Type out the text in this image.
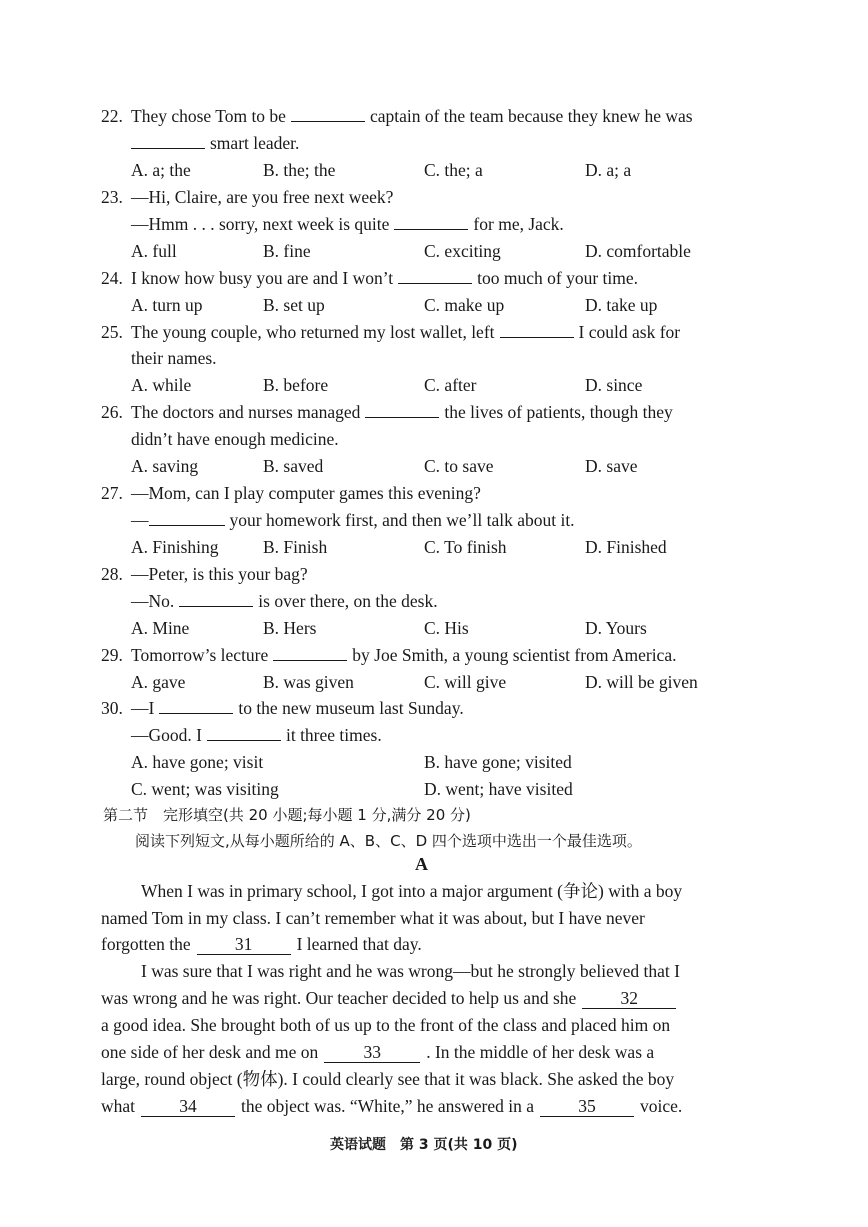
22. They chose Tom to be	captain of the team because they knew he was
smart leader.
A. a; the	B. the; the	C. the; a	D. a; a
23. —Hi, Claire, are you free next week?
—Hmm . . . sorry, next week is quite	for me, Jack.
A. full	B. fine	C. exciting	D. comfortable
24. I know how busy you are and I won’t	too much of your time.
A. turn up	B. set up	C. make up	D. take up
25. The young couple, who returned my lost wallet, left	I could ask for
their names.
A. while	B. before	C. after	D. since
26. The doctors and nurses managed	the lives of patients, though they
didn’t have enough medicine.
A. saving	B. saved	C. to save	D. save
27. —Mom, can I play computer games this evening?
—	your homework first, and then we’ll talk about it.
A. Finishing	B. Finish	C. To finish	D. Finished
28. —Peter, is this your bag?
—No.	is over there, on the desk.
A. Mine	B. Hers	C. His	D. Yours
29. Tomorrow’s lecture	by Joe Smith, a young scientist from America.
A. gave	B. was given	C. will give	D. will be given
30. —I	to the new museum last Sunday.
—Good. I	it three times.
A. have gone; visit	B. have gone; visited
C. went; was visiting	D. went; have visited
第二节　完形填空(共 20 小题;每小题 1 分,满分 20 分)
阅读下列短文,从每小题所给的 A、B、C、D 四个选项中选出一个最佳选项。
A
When I was in primary school, I got into a major argument (争论) with a boy
named Tom in my class. I can’t remember what it was about, but I have never
forgotten the	31	I learned that day.
I was sure that I was right and he was wrong—but he strongly believed that I
was wrong and he was right. Our teacher decided to help us and she	32
a good idea. She brought both of us up to the front of the class and placed him on
one side of her desk and me on	33	. In the middle of her desk was a
large, round object (物体). I could clearly see that it was black. She asked the boy
what	34	the object was. “White,” he answered in a	35	voice.
英语试题　第 3 页(共 10 页)
